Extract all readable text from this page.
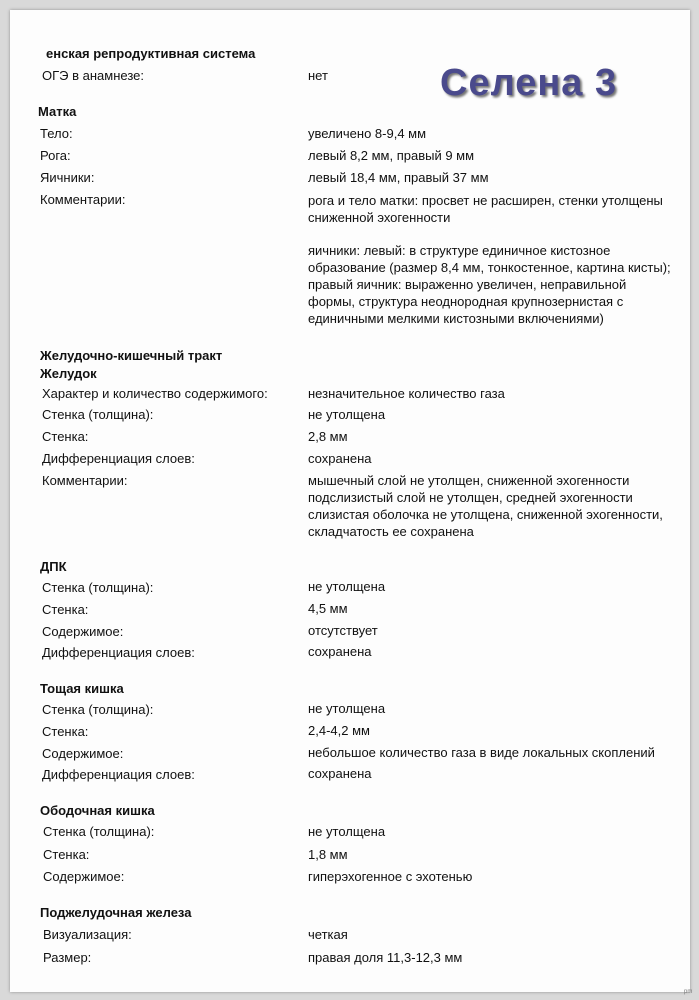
Селена 3
енская репродуктивная система
ОГЭ в анамнезе:	нет
Матка
Тело:	увеличено 8-9,4 мм
Рога:	левый 8,2 мм, правый 9 мм
Яичники:	левый 18,4 мм, правый 37 мм
Комментарии:	рога и тело матки: просвет не расширен, стенки утолщены
сниженной эхогенности
яичники: левый: в структуре единичное кистозное
образование (размер 8,4 мм, тонкостенное, картина кисты);
правый яичник: выраженно увеличен, неправильной
формы, структура неоднородная крупнозернистая с
единичными мелкими кистозными включениями)
Желудочно-кишечный тракт
Желудок
Характер и количество содержимого:	незначительное количество газа
Стенка (толщина):	не утолщена
Стенка:	2,8 мм
Дифференциация слоев:	сохранена
Комментарии:	мышечный слой не утолщен, сниженной эхогенности
подслизистый слой не утолщен, средней эхогенности
слизистая оболочка не утолщена, сниженной эхогенности,
складчатость ее сохранена
ДПК
Стенка (толщина):	не утолщена
Стенка:	4,5 мм
Содержимое:	отсутствует
Дифференциация слоев:	сохранена
Тощая кишка
Стенка (толщина):	не утолщена
Стенка:	2,4-4,2 мм
Содержимое:	небольшое количество газа в виде локальных скоплений
Дифференциация слоев:	сохранена
Ободочная кишка
Стенка (толщина):	не утолщена
Стенка:	1,8 мм
Содержимое:	гиперэхогенное с эхотенью
Поджелудочная железа
Визуализация:	четкая
Размер:	правая доля 11,3-12,3 мм
pm
